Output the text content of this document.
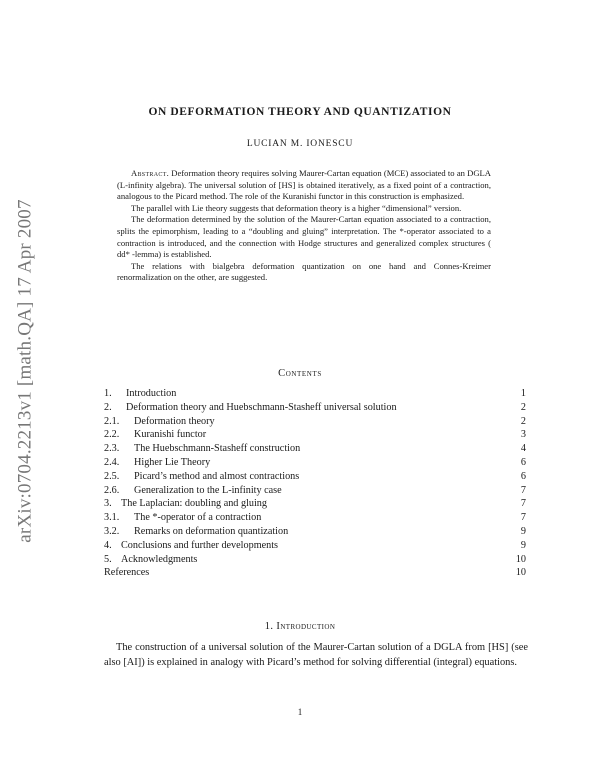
arXiv:0704.2213v1 [math.QA] 17 Apr 2007
ON DEFORMATION THEORY AND QUANTIZATION
LUCIAN M. IONESCU

Abstract. Deformation theory requires solving Maurer-Cartan equation (MCE) associated to an DGLA (L-infinity algebra). The universal solution of [HS] is obtained iteratively, as a fixed point of a contraction, analogous to the Picard method. The role of the Kuranishi functor in this construction is emphasized.

The parallel with Lie theory suggests that deformation theory is a higher “dimensional” version.

The deformation determined by the solution of the Maurer-Cartan equation associated to a contraction, splits the epimorphism, leading to a “doubling and gluing” interpretation. The *-operator associated to a contraction is introduced, and the connection with Hodge structures and generalized complex structures ( dd* -lemma) is established.

The relations with bialgebra deformation quantization on one hand and Connes-Kreimer renormalization on the other, are suggested.

Contents
1. Introduction	1
2. Deformation theory and Huebschmann-Stasheff universal solution	2
2.1. Deformation theory	2
2.2. Kuranishi functor	3
2.3. The Huebschmann-Stasheff construction	4
2.4. Higher Lie Theory	6
2.5. Picard’s method and almost contractions	6
2.6. Generalization to the L-infinity case	7
3. The Laplacian: doubling and gluing	7
3.1. The *-operator of a contraction	7
3.2. Remarks on deformation quantization	9
4. Conclusions and further developments	9
5. Acknowledgments	10
References	10
1. Introduction

The construction of a universal solution of the Maurer-Cartan solution of a DGLA from [HS] (see also [AI]) is explained in analogy with Picard’s method for solving differential (integral) equations.

1
